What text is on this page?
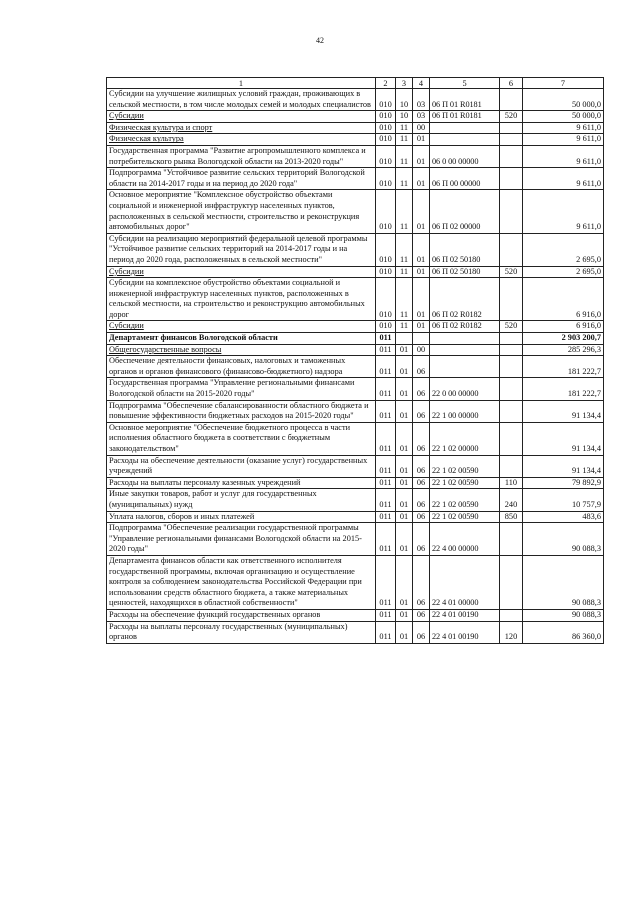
42
1	2	3	4	5	6	7
Субсидии на улучшение жилищных условий граждан, проживающих в сельской местности, в том числе молодых семей и молодых специалистов	010	10	03	06 П 01 R0181		50 000,0
Субсидии	010	10	03	06 П 01 R0181	520	50 000,0
Физическая культура и спорт	010	11	00			9 611,0
Физическая культура	010	11	01			9 611,0
Государственная программа "Развитие агропромышленного комплекса и потребительского рынка Вологодской области на 2013-2020 годы"	010	11	01	06 0 00 00000		9 611,0
Подпрограмма "Устойчивое развитие сельских территорий Вологодской области на 2014-2017 годы и на период до 2020 года"	010	11	01	06 П 00 00000		9 611,0
Основное мероприятие "Комплексное обустройство объектами социальной и инженерной инфраструктур населенных пунктов, расположенных в сельской местности, строительство и реконструкция автомобильных дорог"	010	11	01	06 П 02 00000		9 611,0
Субсидии на реализацию мероприятий федеральной целевой программы "Устойчивое развитие сельских территорий на 2014-2017 годы и на период до 2020 года, расположенных в сельской местности"	010	11	01	06 П 02 50180		2 695,0
Субсидии	010	11	01	06 П 02 50180	520	2 695,0
Субсидии на комплексное обустройство объектами социальной и инженерной инфраструктур населенных пунктов, расположенных в сельской местности, на строительство и реконструкцию автомобильных дорог	010	11	01	06 П 02 R0182		6 916,0
Субсидии	010	11	01	06 П 02 R0182	520	6 916,0
Департамент финансов Вологодской области	011					2 903 200,7
Общегосударственные вопросы	011	01	00			285 296,3
Обеспечение деятельности финансовых, налоговых и таможенных органов и органов финансового (финансово-бюджетного) надзора	011	01	06			181 222,7
Государственная программа "Управление региональными финансами Вологодской области на 2015-2020 годы"	011	01	06	22 0 00 00000		181 222,7
Подпрограмма "Обеспечение сбалансированности областного бюджета и повышение эффективности бюджетных расходов на 2015-2020 годы"	011	01	06	22 1 00 00000		91 134,4
Основное мероприятие "Обеспечение бюджетного процесса в части исполнения областного бюджета в соответствии с бюджетным законодательством"	011	01	06	22 1 02 00000		91 134,4
Расходы на обеспечение деятельности (оказание услуг) государственных учреждений	011	01	06	22 1 02 00590		91 134,4
Расходы на выплаты персоналу казенных учреждений	011	01	06	22 1 02 00590	110	79 892,9
Иные закупки товаров, работ и услуг для государственных (муниципальных) нужд	011	01	06	22 1 02 00590	240	10 757,9
Уплата налогов, сборов и иных платежей	011	01	06	22 1 02 00590	850	483,6
Подпрограмма "Обеспечение реализации государственной программы "Управление региональными финансами Вологодской области на 2015-2020 годы"	011	01	06	22 4 00 00000		90 088,3
Департамента финансов области как ответственного исполнителя государственной программы, включая организацию и осуществление контроля за соблюдением законодательства Российской Федерации при использовании средств областного бюджета, а также материальных ценностей, находящихся в областной собственности"	011	01	06	22 4 01 00000		90 088,3
Расходы на обеспечение функций государственных органов	011	01	06	22 4 01 00190		90 088,3
Расходы на выплаты персоналу государственных (муниципальных) органов	011	01	06	22 4 01 00190	120	86 360,0
